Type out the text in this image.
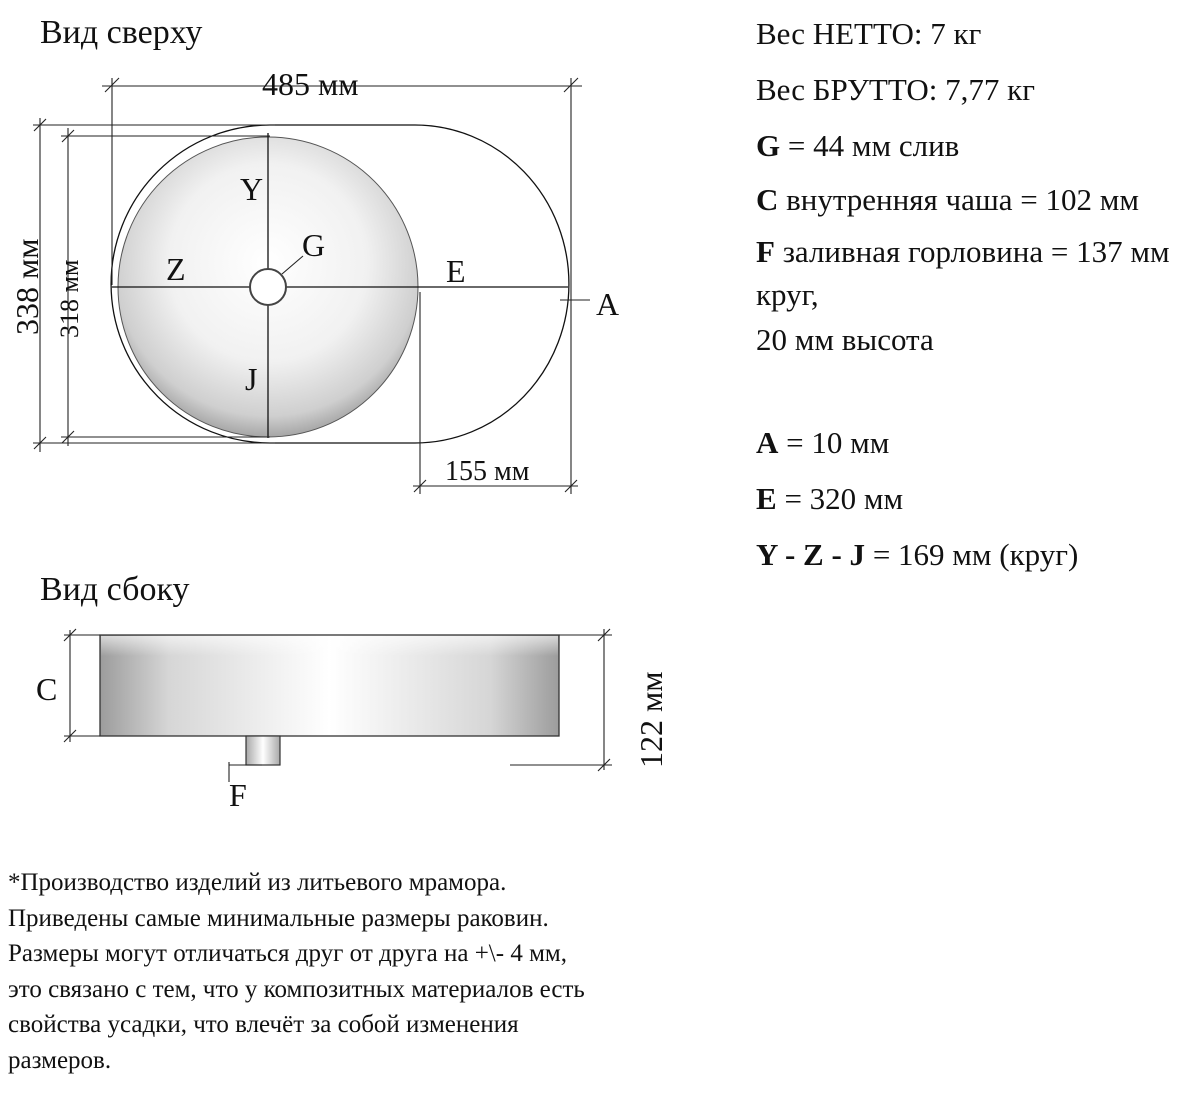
Вид сверху
485 мм
338 мм 318 мм
155 мм
Y
Z
J
G
E
A
Вид сбоку
C	122 мм
F
Вес НЕТТО: 7 кг
Вес БРУТТО: 7,77 кг
G = 44 мм слив
C внутренняя чаша = 102 мм
F заливная горловина = 137 мм круг,
20 мм высота
A = 10 мм
E = 320 мм
Y - Z - J = 169 мм (круг)

*Производство изделий из литьевого мрамора.
Приведены самые минимальные размеры раковин.
Размеры могут отличаться друг от друга на +\- 4 мм,
это связано с тем, что у композитных материалов есть
свойства усадки, что влечёт за собой изменения
размеров.
